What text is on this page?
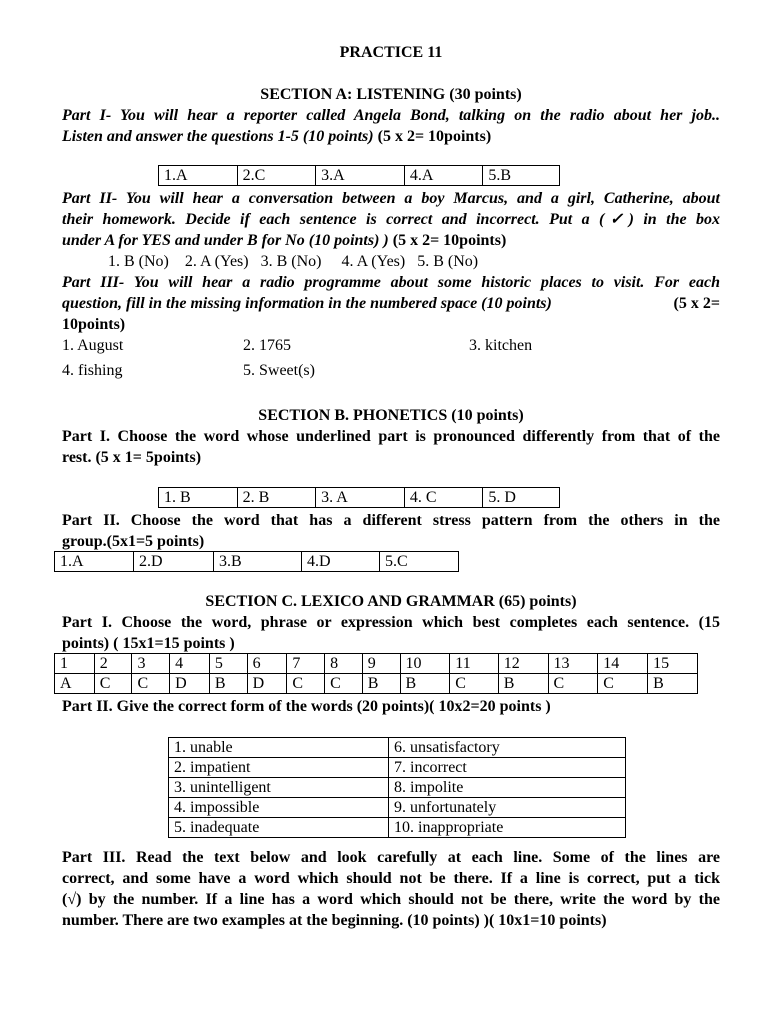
PRACTICE 11
SECTION A: LISTENING (30 points)
Part I- You will hear a reporter called Angela Bond, talking on the radio about her job..
Listen and answer the questions 1-5 (10 points) (5 x 2= 10points)
1.A	2.C	3.A	4.A	5.B
Part II- You will hear a conversation between a boy Marcus, and a girl, Catherine, about
their homework. Decide if each sentence is correct and incorrect. Put a (✓) in the box
under A for YES and under B for No (10 points) ) (5 x 2= 10points)
1. B (No)    2. A (Yes)   3. B (No)     4. A (Yes)   5. B (No)
Part III- You will hear a radio programme about some historic places to visit. For each
question, fill in the missing information in the numbered space (10 points)	(5 x 2=
10points)
1. August	2. 1765	3. kitchen
4. fishing	5. Sweet(s)
SECTION B. PHONETICS (10 points)
Part I. Choose the word whose underlined part is pronounced differently from that of the
rest. (5 x 1= 5points)
1. B	2. B	3. A	4. C	5. D
Part II. Choose the word that has a different stress pattern from the others in the
group.(5x1=5 points)
1.A	2.D	3.B	4.D	5.C
SECTION C. LEXICO AND GRAMMAR (65) points)
Part I. Choose the word, phrase or expression which best completes each sentence. (15
points) ( 15x1=15 points )
1	2	3	4	5	6	7	8	9	10	11	12	13	14	15
A	C	C	D	B	D	C	C	B	B	C	B	C	C	B
Part II. Give the correct form of the words (20 points)( 10x2=20 points )
1. unable	6. unsatisfactory
2. impatient	7. incorrect
3. unintelligent	8. impolite
4. impossible	9. unfortunately
5. inadequate	10. inappropriate
Part III. Read the text below and look carefully at each line. Some of the lines are
correct, and some have a word which should not be there. If a line is correct, put a tick
(√) by the number. If a line has a word which should not be there, write the word by the
number. There are two examples at the beginning. (10 points) )( 10x1=10 points)
